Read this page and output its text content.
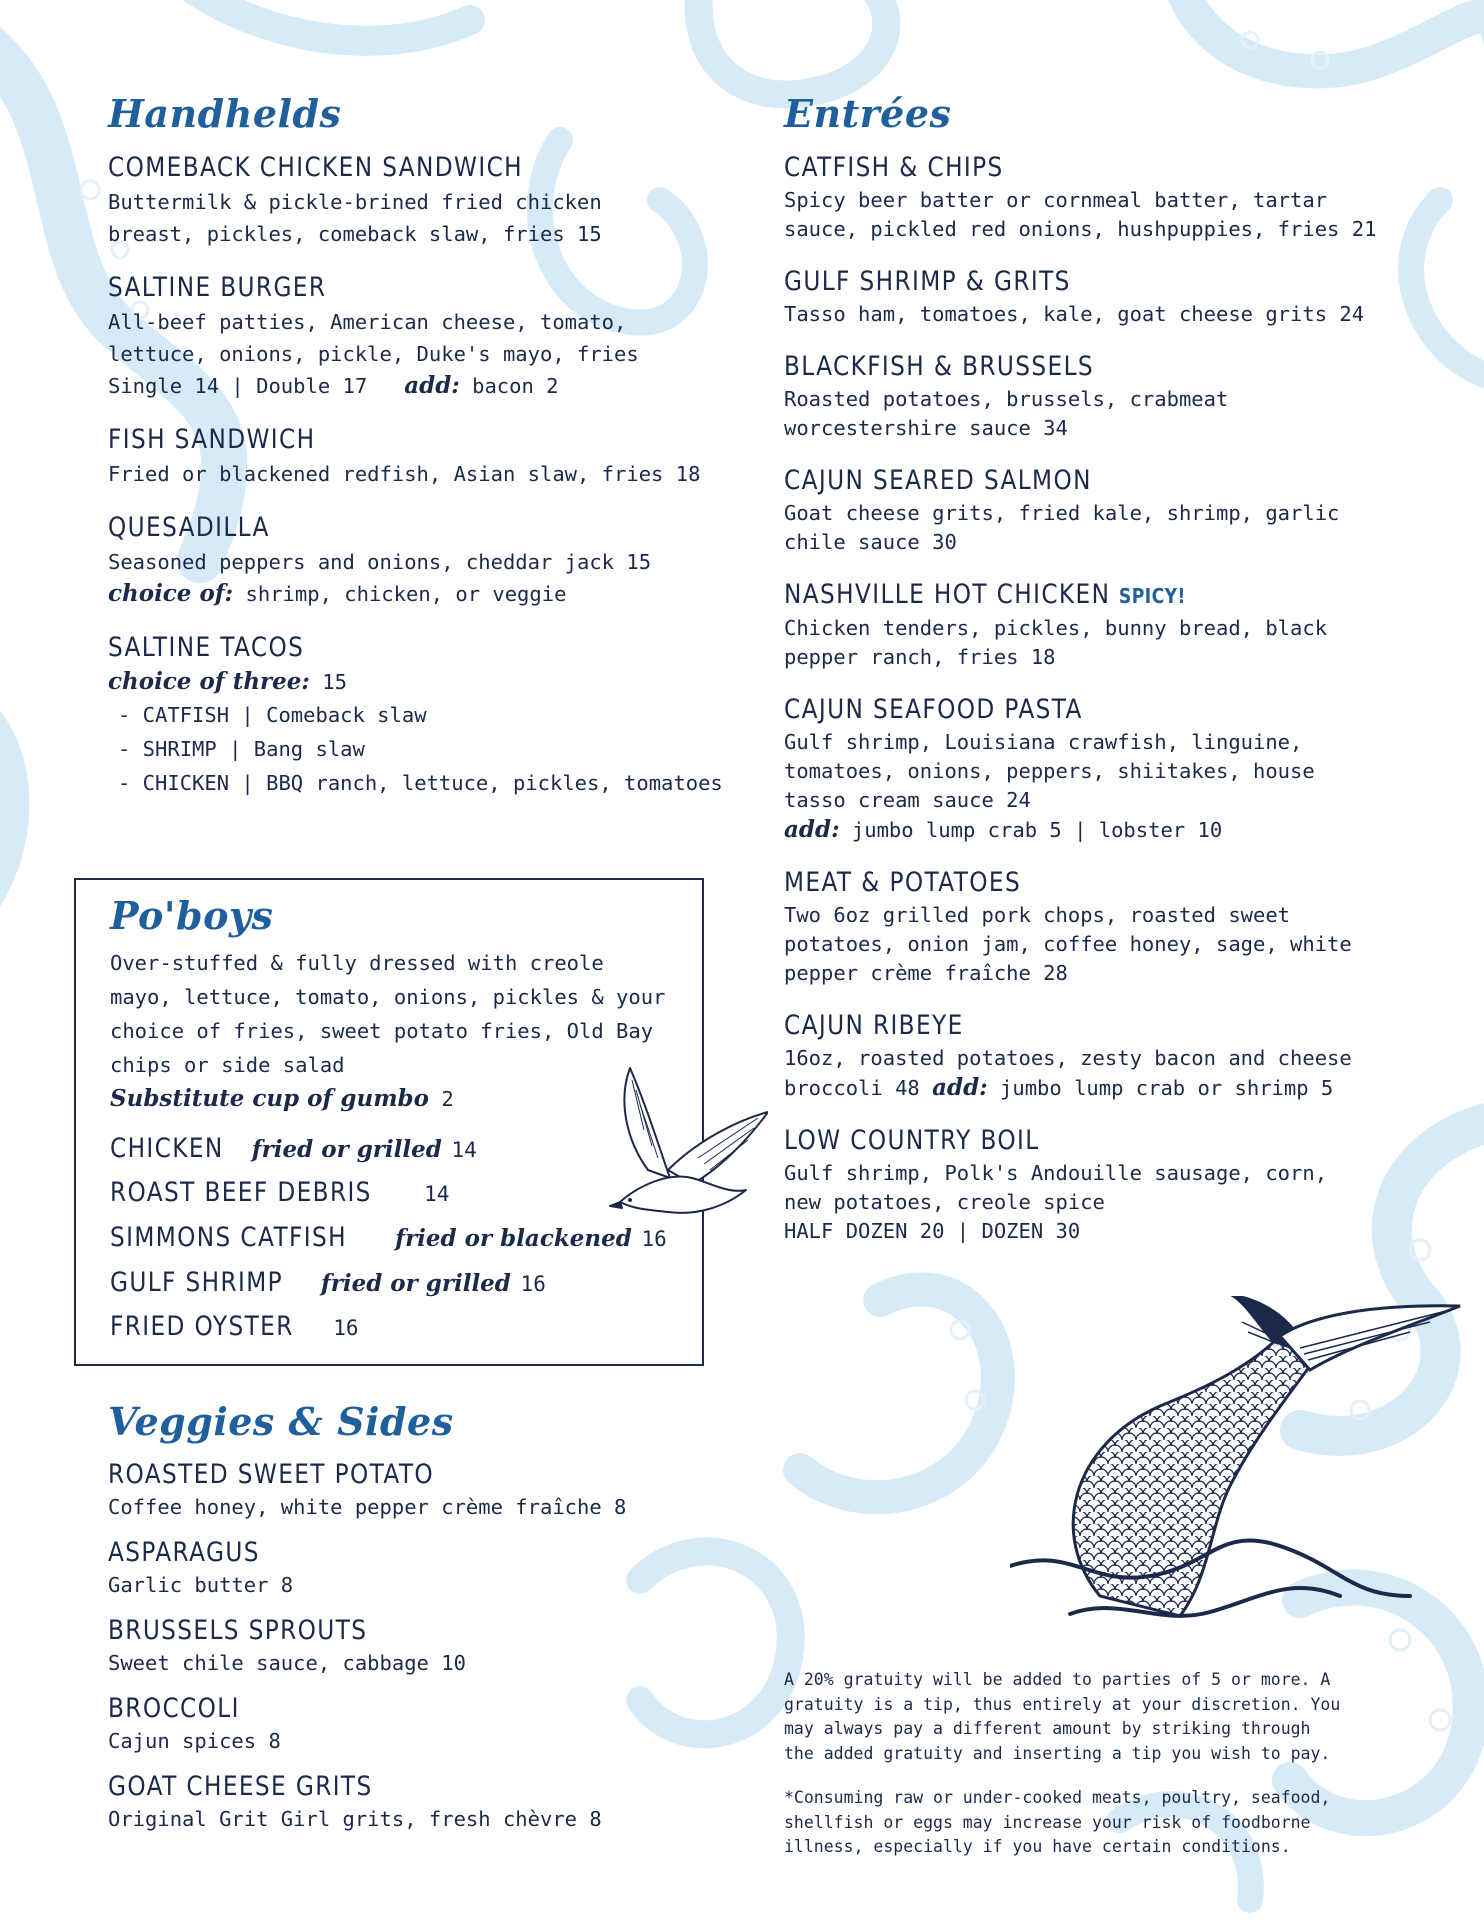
Handhelds
COMEBACK CHICKEN SANDWICH
Buttermilk & pickle-brined fried chicken
breast, pickles, comeback slaw, fries 15
SALTINE BURGER
All-beef patties, American cheese, tomato,
lettuce, onions, pickle, Duke's mayo, fries
Single 14 | Double 17 add: bacon 2
FISH SANDWICH
Fried or blackened redfish, Asian slaw, fries 18
QUESADILLA
Seasoned peppers and onions, cheddar jack 15
choice of: shrimp, chicken, or veggie
SALTINE TACOS
choice of three: 15
- CATFISH | Comeback slaw
- SHRIMP | Bang slaw
- CHICKEN | BBQ ranch, lettuce, pickles, tomatoes
Po'boys
Over-stuffed & fully dressed with creole
mayo, lettuce, tomato, onions, pickles & your
choice of fries, sweet potato fries, Old Bay
chips or side salad
Substitute cup of gumbo 2
CHICKEN fried or grilled 14
ROAST BEEF DEBRIS 14
SIMMONS CATFISH fried or blackened 16
GULF SHRIMP fried or grilled 16
FRIED OYSTER 16
Veggies & Sides
ROASTED SWEET POTATO
Coffee honey, white pepper crème fraîche 8
ASPARAGUS
Garlic butter 8
BRUSSELS SPROUTS
Sweet chile sauce, cabbage 10
BROCCOLI
Cajun spices 8
GOAT CHEESE GRITS
Original Grit Girl grits, fresh chèvre 8
Entrées
CATFISH & CHIPS
Spicy beer batter or cornmeal batter, tartar
sauce, pickled red onions, hushpuppies, fries 21
GULF SHRIMP & GRITS
Tasso ham, tomatoes, kale, goat cheese grits 24
BLACKFISH & BRUSSELS
Roasted potatoes, brussels, crabmeat
worcestershire sauce 34
CAJUN SEARED SALMON
Goat cheese grits, fried kale, shrimp, garlic
chile sauce 30
NASHVILLE HOT CHICKEN SPICY!
Chicken tenders, pickles, bunny bread, black
pepper ranch, fries 18
CAJUN SEAFOOD PASTA
Gulf shrimp, Louisiana crawfish, linguine,
tomatoes, onions, peppers, shiitakes, house
tasso cream sauce 24
add: jumbo lump crab 5 | lobster 10
MEAT & POTATOES
Two 6oz grilled pork chops, roasted sweet
potatoes, onion jam, coffee honey, sage, white
pepper crème fraîche 28
CAJUN RIBEYE
16oz, roasted potatoes, zesty bacon and cheese
broccoli 48 add: jumbo lump crab or shrimp 5
LOW COUNTRY BOIL
Gulf shrimp, Polk's Andouille sausage, corn,
new potatoes, creole spice
HALF DOZEN 20 | DOZEN 30
A 20% gratuity will be added to parties of 5 or more. A
gratuity is a tip, thus entirely at your discretion. You
may always pay a different amount by striking through
the added gratuity and inserting a tip you wish to pay.
*Consuming raw or under-cooked meats, poultry, seafood,
shellfish or eggs may increase your risk of foodborne
illness, especially if you have certain conditions.
